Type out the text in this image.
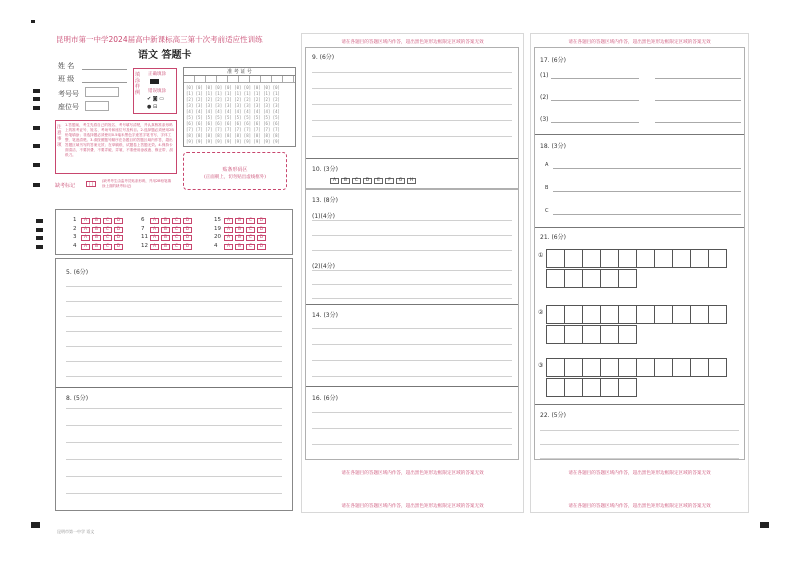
昆明市第一中学2024届高中新课标高三第十次考前适应性训练
语文 答题卡
姓 名
班 级
考号号
座位号
填涂样例
正确填涂
错误填涂
✔ ◙ ▭
● ⊟
准 考 证 号
[0] [0] [0] [0] [0] [0] [0] [0] [0] [0]
[1] [1] [1] [1] [1] [1] [1] [1] [1] [1]
[2] [2] [2] [2] [2] [2] [2] [2] [2] [2]
[3] [3] [3] [3] [3] [3] [3] [3] [3] [3]
[4] [4] [4] [4] [4] [4] [4] [4] [4] [4]
[5] [5] [5] [5] [5] [5] [5] [5] [5] [5]
[6] [6] [6] [6] [6] [6] [6] [6] [6] [6]
[7] [7] [7] [7] [7] [7] [7] [7] [7] [7]
[8] [8] [8] [8] [8] [8] [8] [8] [8] [8]
[9] [9] [9] [9] [9] [9] [9] [9] [9] [9]
注意事项
1.答题前，考生先将自己的姓名、考号填写清楚，并认真核准条形码上的准考证号、姓名、考场号和座位号及科目。2.选择题必须使用2B铅笔填涂；非选择题必须使用0.5毫米黑色字迹签字笔书写，字体工整、笔迹清楚。3.请按照题号顺序在各题目的答题区域内作答，超出答题区域书写的答案无效；在草稿纸、试题卷上答题无效。4.保持卡面清洁，不要折叠、不要弄破、弄皱，不准使用涂改液、修正带、刮纸刀。
贴条形码区
(正面朝上，切勿贴出虚线框外)
缺考标记	[ ]
(缺考考生由监考员贴条形码，并用2B铅笔填涂上面的缺考标记)
1 A B C D
2 A B C D
3 A B C D
4 A B C D
6 A B C D
7 A B C D
11 A B C D
12 A B C D
15 A B C D
19 A B C D
20 A B C D
4 A B C D
5. (6分)
8. (5分)
昆明市第一中学 语文
请在各题目的答题区域内作答，超出黑色矩形边框限定区域的答案无效
请在各题目的答题区域内作答，超出黑色矩形边框限定区域的答案无效
9. (6分)
10. (3分)
A B C D E F G H
13. (8分)
(1)(4分)
(2)(4分)
14. (3分)
16. (6分)
请在各题目的答题区域内作答，超出黑色矩形边框限定区域的答案无效
请在各题目的答题区域内作答，超出黑色矩形边框限定区域的答案无效
请在各题目的答题区域内作答，超出黑色矩形边框限定区域的答案无效
请在各题目的答题区域内作答，超出黑色矩形边框限定区域的答案无效
17. (6分)
(1)
(2)
(3)
18. (3分)
A
B
C
21. (6分)
①
②
③
22. (5分)
